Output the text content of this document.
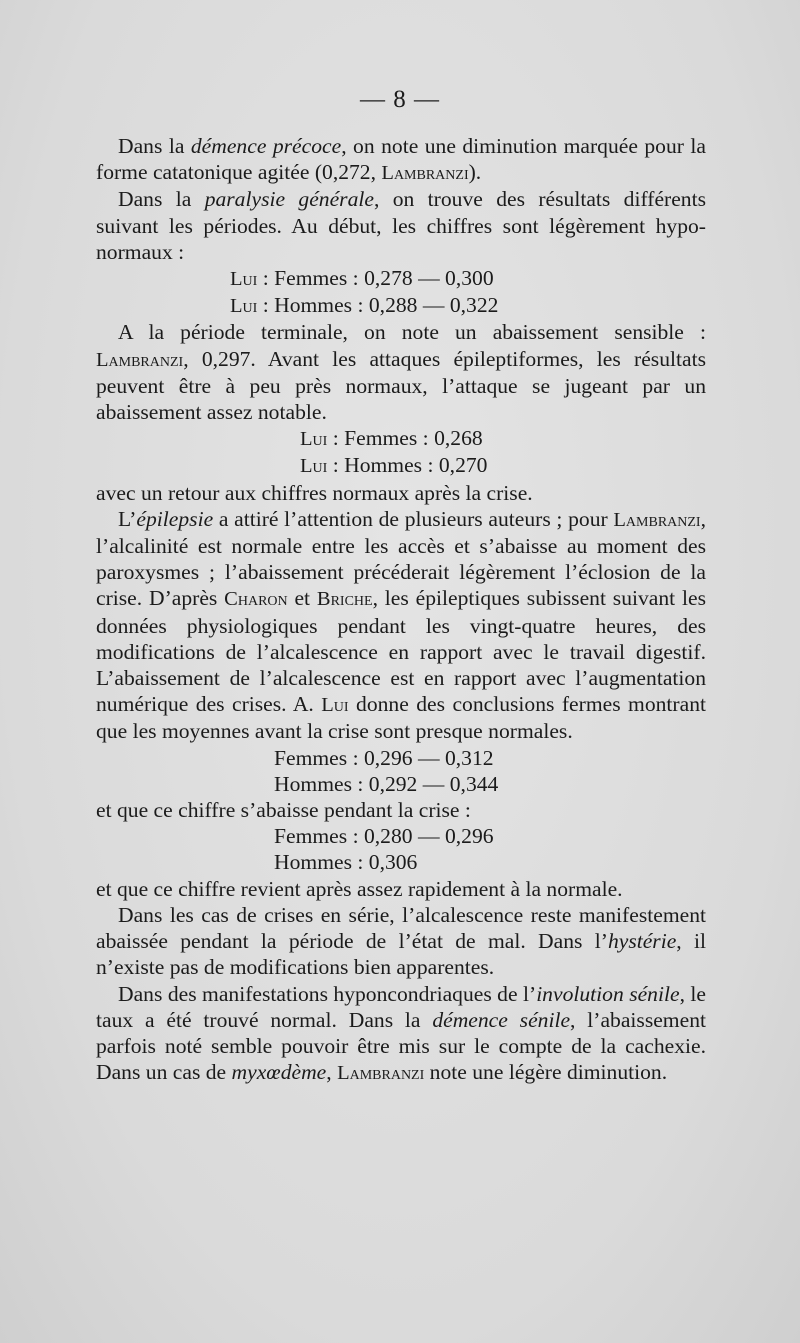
— 8 —

Dans la démence précoce, on note une diminution marquée pour la forme catatonique agitée (0,272, Lambranzi).

Dans la paralysie générale, on trouve des résultats différents suivant les périodes. Au début, les chiffres sont légèrement hypo-normaux :

Lui : Femmes : 0,278 — 0,300

Lui : Hommes : 0,288 — 0,322

A la période terminale, on note un abaissement sensible : Lambranzi, 0,297. Avant les attaques épileptiformes, les résultats peuvent être à peu près normaux, l’attaque se jugeant par un abaissement assez notable.

Lui : Femmes : 0,268

Lui : Hommes : 0,270

avec un retour aux chiffres normaux après la crise.

L’épilepsie a attiré l’attention de plusieurs auteurs ; pour Lambranzi, l’alcalinité est normale entre les accès et s’abaisse au moment des paroxysmes ; l’abaissement précéderait légèrement l’éclosion de la crise. D’après Charon et Briche, les épileptiques subissent suivant les données physiologiques pendant les vingt-quatre heures, des modifications de l’alcalescence en rapport avec le travail digestif. L’abaissement de l’alcalescence est en rapport avec l’augmentation numérique des crises. A. Lui donne des conclusions fermes montrant que les moyennes avant la crise sont presque normales.

Femmes : 0,296 — 0,312

Hommes : 0,292 — 0,344

et que ce chiffre s’abaisse pendant la crise :

Femmes : 0,280 — 0,296

Hommes : 0,306

et que ce chiffre revient après assez rapidement à la normale.

Dans les cas de crises en série, l’alcalescence reste manifestement abaissée pendant la période de l’état de mal. Dans l’hystérie, il n’existe pas de modifications bien apparentes.

Dans des manifestations hyponcondriaques de l’involution sénile, le taux a été trouvé normal. Dans la démence sénile, l’abaissement parfois noté semble pouvoir être mis sur le compte de la cachexie. Dans un cas de myxœdème, Lambranzi note une légère diminution.
